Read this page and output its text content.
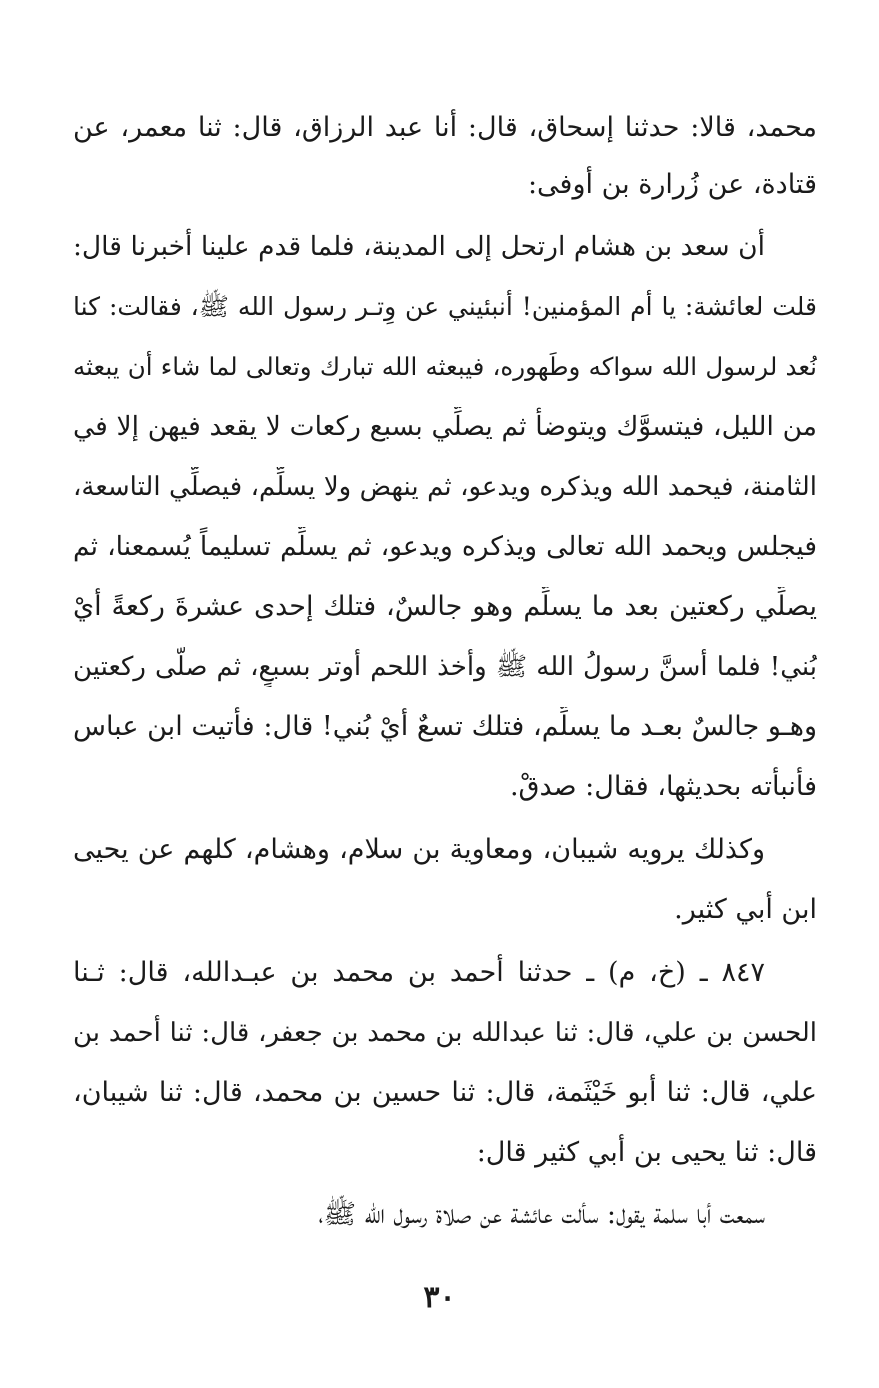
محمد، قالا: حدثنا إسحاق، قال: أنا عبد الرزاق، قال: ثنا معمر، عن
قتادة، عن زُرارة بن أوفى:
أن سعد بن هشام ارتحل إلى المدينة، فلما قدم علينا أخبرنا قال:
قلت لعائشة: يا أم المؤمنين! أنبئيني عن وِتـر رسول الله ﷺ، فقالت: كنا
نُعد لرسول الله سواكه وطَهوره، فيبعثه الله تبارك وتعالى لما شاء أن يبعثه
من الليل، فيتسوَّك ويتوضأ ثم يصلِّي بسبع ركعات لا يقعد فيهن إلا في
الثامنة، فيحمد الله ويذكره ويدعو، ثم ينهض ولا يسلِّم، فيصلِّي التاسعة،
فيجلس ويحمد الله تعالى ويذكره ويدعو، ثم يسلِّم تسليماً يُسمعنا، ثم
يصلِّي ركعتين بعد ما يسلِّم وهو جالسٌ، فتلك إحدى عشرةَ ركعةً أيْ
بُني! فلما أسنَّ رسولُ الله ﷺ وأخذ اللحم أوتر بسبعٍ، ثم صلَّى ركعتين
وهـو جالسٌ بعـد ما يسلِّم، فتلك تسعٌ أيْ بُني! قال: فأتيت ابن عباس
فأنبأته بحديثها، فقال: صدقْ.
وكذلك يرويه شيبان، ومعاوية بن سلام، وهشام، كلهم عن يحيى
ابن أبي كثير.
٨٤٧ ـ (خ، م) ـ حدثنا أحمد بن محمد بن عبـدالله، قال: ثـنا
الحسن بن علي، قال: ثنا عبدالله بن محمد بن جعفر، قال: ثنا أحمد بن
علي، قال: ثنا أبو خَيْثَمة، قال: ثنا حسين بن محمد، قال: ثنا شيبان،
قال: ثنا يحيى بن أبي كثير قال:
سمعت أبا سلمة يقول: سألت عائشة عن صلاة رسول الله ﷺ،
٣٠
